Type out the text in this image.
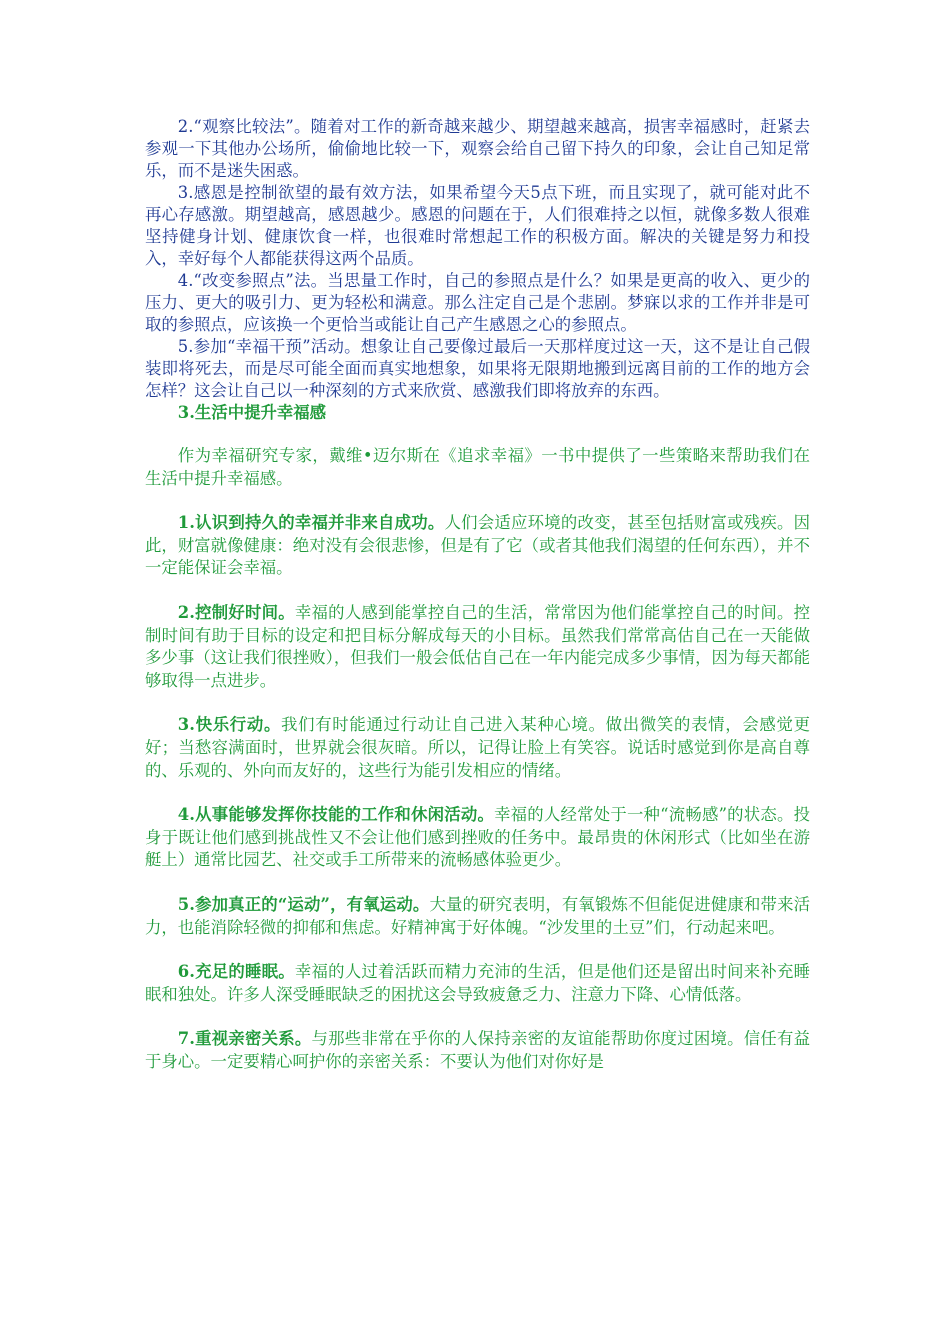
2.“观察比较法”。随着对工作的新奇越来越少、期望越来越高，损害幸福感时，赶紧去参观一下其他办公场所，偷偷地比较一下，观察会给自己留下持久的印象，会让自己知足常乐，而不是迷失困惑。

3.感恩是控制欲望的最有效方法，如果希望今天5点下班，而且实现了，就可能对此不再心存感激。期望越高，感恩越少。感恩的问题在于，人们很难持之以恒，就像多数人很难坚持健身计划、健康饮食一样，也很难时常想起工作的积极方面。解决的关键是努力和投入，幸好每个人都能获得这两个品质。

4.“改变参照点”法。当思量工作时，自己的参照点是什么？如果是更高的收入、更少的压力、更大的吸引力、更为轻松和满意。那么注定自己是个悲剧。梦寐以求的工作并非是可取的参照点，应该换一个更恰当或能让自己产生感恩之心的参照点。

5.参加“幸福干预”活动。想象让自己要像过最后一天那样度过这一天，这不是让自己假装即将死去，而是尽可能全面而真实地想象，如果将无限期地搬到远离目前的工作的地方会怎样？这会让自己以一种深刻的方式来欣赏、感激我们即将放弃的东西。

3.生活中提升幸福感

作为幸福研究专家，戴维•迈尔斯在《追求幸福》一书中提供了一些策略来帮助我们在生活中提升幸福感。

1.认识到持久的幸福并非来自成功。人们会适应环境的改变，甚至包括财富或残疾。因此，财富就像健康：绝对没有会很悲惨，但是有了它（或者其他我们渴望的任何东西），并不一定能保证会幸福。

2.控制好时间。幸福的人感到能掌控自己的生活，常常因为他们能掌控自己的时间。控制时间有助于目标的设定和把目标分解成每天的小目标。虽然我们常常高估自己在一天能做多少事（这让我们很挫败），但我们一般会低估自己在一年内能完成多少事情，因为每天都能够取得一点进步。

3.快乐行动。我们有时能通过行动让自己进入某种心境。做出微笑的表情，会感觉更好；当愁容满面时，世界就会很灰暗。所以，记得让脸上有笑容。说话时感觉到你是高自尊的、乐观的、外向而友好的，这些行为能引发相应的情绪。

4.从事能够发挥你技能的工作和休闲活动。幸福的人经常处于一种“流畅感”的状态。投身于既让他们感到挑战性又不会让他们感到挫败的任务中。最昂贵的休闲形式（比如坐在游艇上）通常比园艺、社交或手工所带来的流畅感体验更少。

5.参加真正的“运动”，有氧运动。大量的研究表明，有氧锻炼不但能促进健康和带来活力，也能消除轻微的抑郁和焦虑。好精神寓于好体魄。“沙发里的土豆”们，行动起来吧。

6.充足的睡眠。幸福的人过着活跃而精力充沛的生活，但是他们还是留出时间来补充睡眠和独处。许多人深受睡眠缺乏的困扰这会导致疲惫乏力、注意力下降、心情低落。

7.重视亲密关系。与那些非常在乎你的人保持亲密的友谊能帮助你度过困境。信任有益于身心。一定要精心呵护你的亲密关系：不要认为他们对你好是
